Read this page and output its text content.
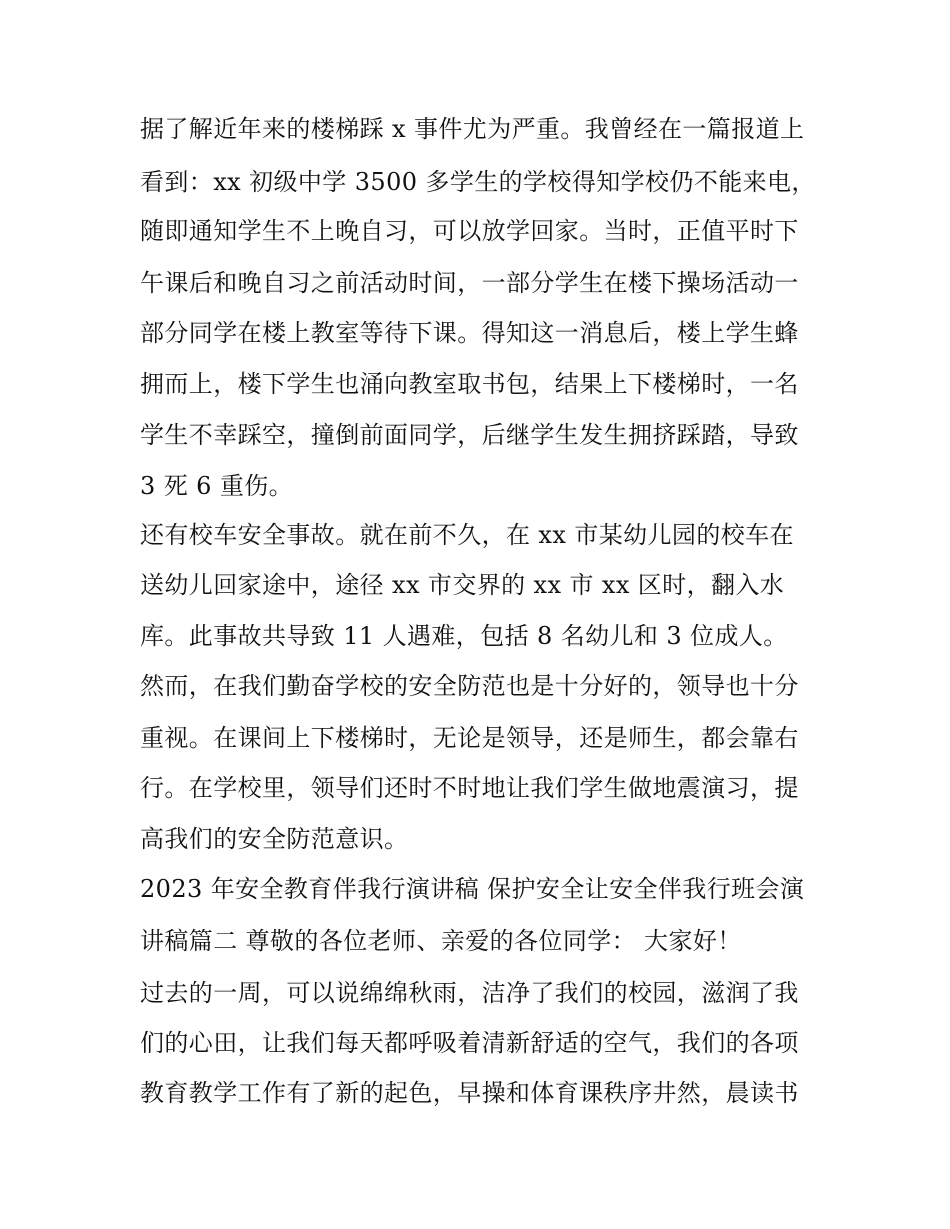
据了解近年来的楼梯踩 x 事件尤为严重。我曾经在一篇报道上
看到：xx 初级中学 3500 多学生的学校得知学校仍不能来电，
随即通知学生不上晚自习，可以放学回家。当时，正值平时下
午课后和晚自习之前活动时间，一部分学生在楼下操场活动一
部分同学在楼上教室等待下课。得知这一消息后，楼上学生蜂
拥而上，楼下学生也涌向教室取书包，结果上下楼梯时，一名
学生不幸踩空，撞倒前面同学，后继学生发生拥挤踩踏，导致
3 死 6 重伤。
还有校车安全事故。就在前不久，在 xx 市某幼儿园的校车在
送幼儿回家途中，途径 xx 市交界的 xx 市 xx 区时，翻入水
库。此事故共导致 11 人遇难，包括 8 名幼儿和 3 位成人。
然而，在我们勤奋学校的安全防范也是十分好的，领导也十分
重视。在课间上下楼梯时，无论是领导，还是师生，都会靠右
行。在学校里，领导们还时不时地让我们学生做地震演习，提
高我们的安全防范意识。
2023 年安全教育伴我行演讲稿 保护安全让安全伴我行班会演
讲稿篇二 尊敬的各位老师、亲爱的各位同学： 大家好！
过去的一周，可以说绵绵秋雨，洁净了我们的校园，滋润了我
们的心田，让我们每天都呼吸着清新舒适的空气，我们的各项
教育教学工作有了新的起色，早操和体育课秩序井然，晨读书
